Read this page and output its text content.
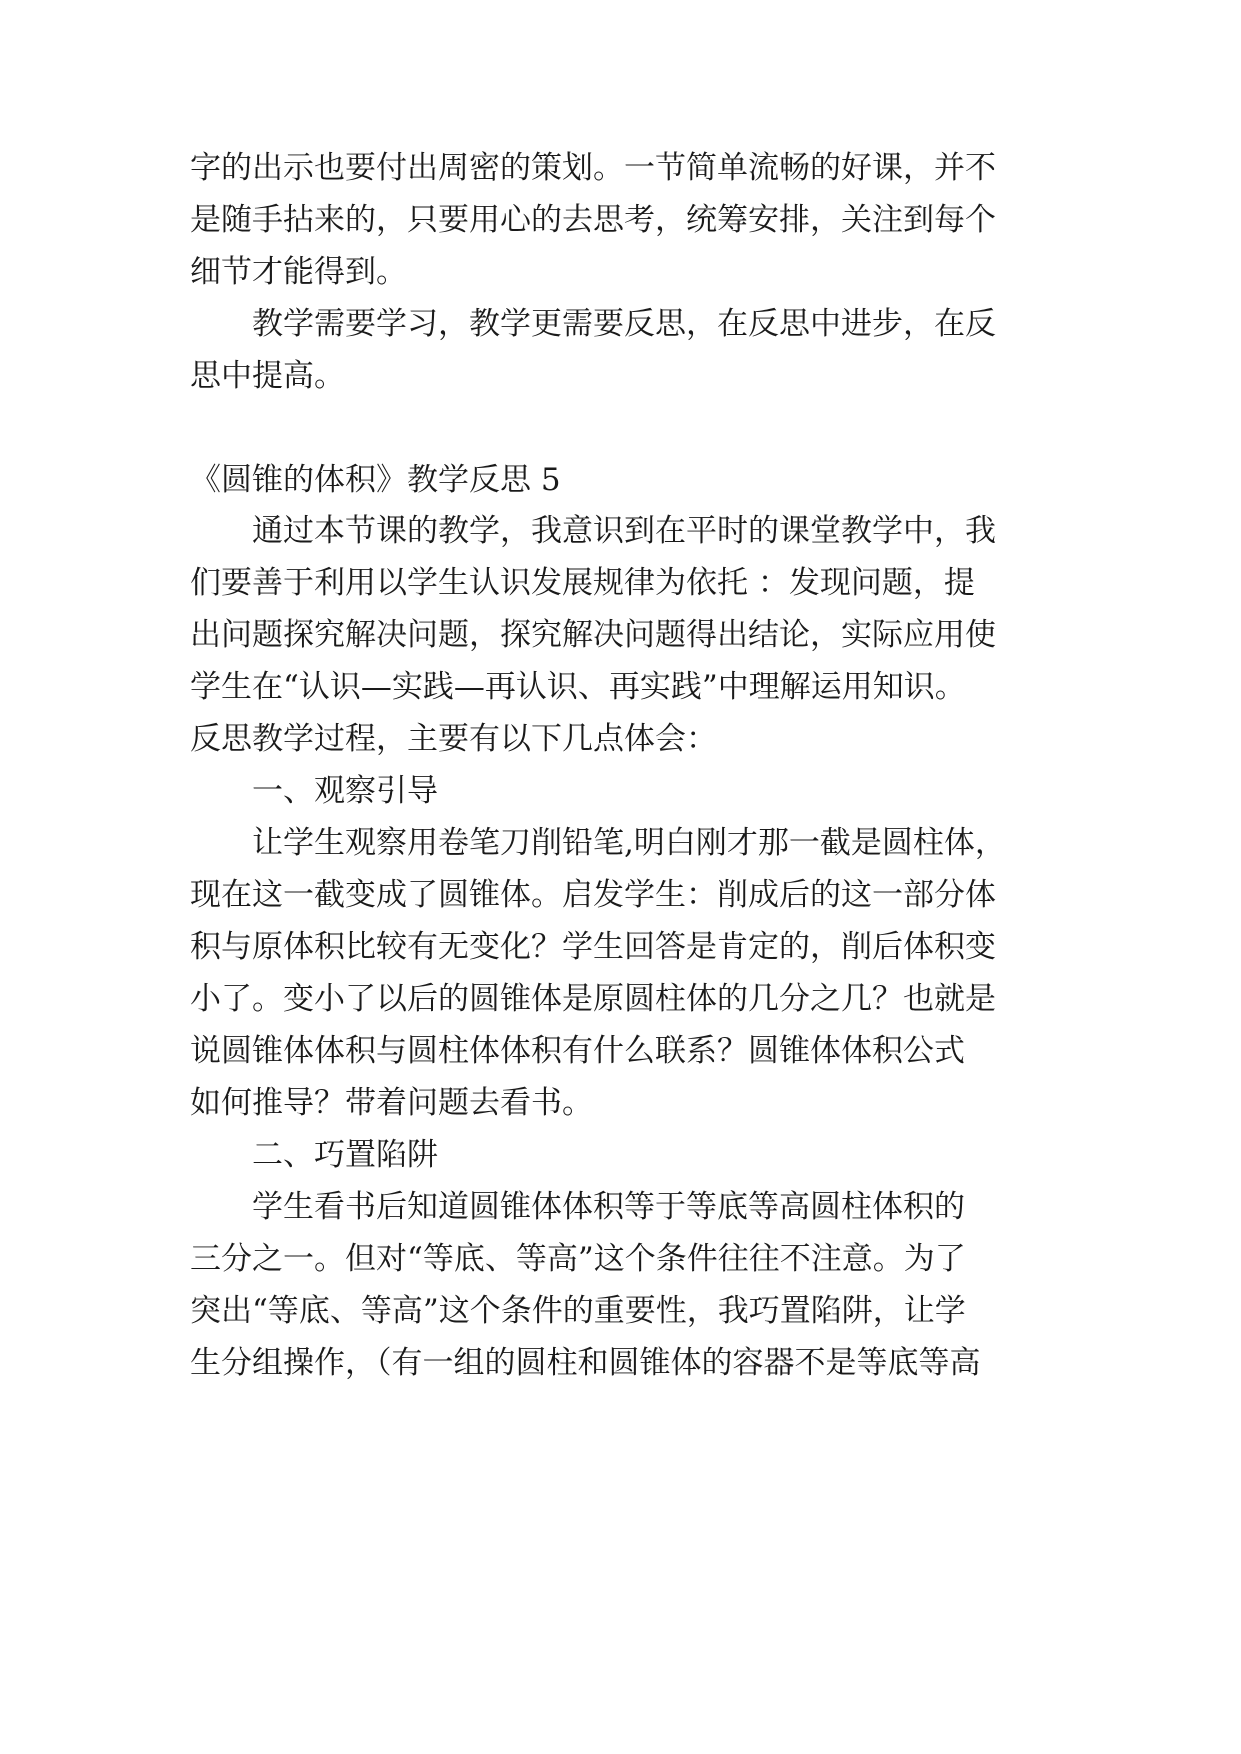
字的出示也要付出周密的策划。一节简单流畅的好课，并不
是随手拈来的，只要用心的去思考，统筹安排，关注到每个
细节才能得到。
教学需要学习，教学更需要反思，在反思中进步，在反
思中提高。
《圆锥的体积》教学反思 5
通过本节课的教学，我意识到在平时的课堂教学中，我
们要善于利用以学生认识发展规律为依托 ：发现问题，提
出问题探究解决问题，探究解决问题得出结论，实际应用使
学生在“认识—实践—再认识、再实践”中理解运用知识。
反思教学过程，主要有以下几点体会：
一、观察引导
让学生观察用卷笔刀削铅笔,明白刚才那一截是圆柱体，
现在这一截变成了圆锥体。启发学生：削成后的这一部分体
积与原体积比较有无变化？学生回答是肯定的，削后体积变
小了。变小了以后的圆锥体是原圆柱体的几分之几？也就是
说圆锥体体积与圆柱体体积有什么联系？圆锥体体积公式
如何推导？带着问题去看书。
二、巧置陷阱
学生看书后知道圆锥体体积等于等底等高圆柱体积的
三分之一。但对“等底、等高”这个条件往往不注意。为了
突出“等底、等高”这个条件的重要性，我巧置陷阱，让学
生分组操作，（有一组的圆柱和圆锥体的容器不是等底等高
